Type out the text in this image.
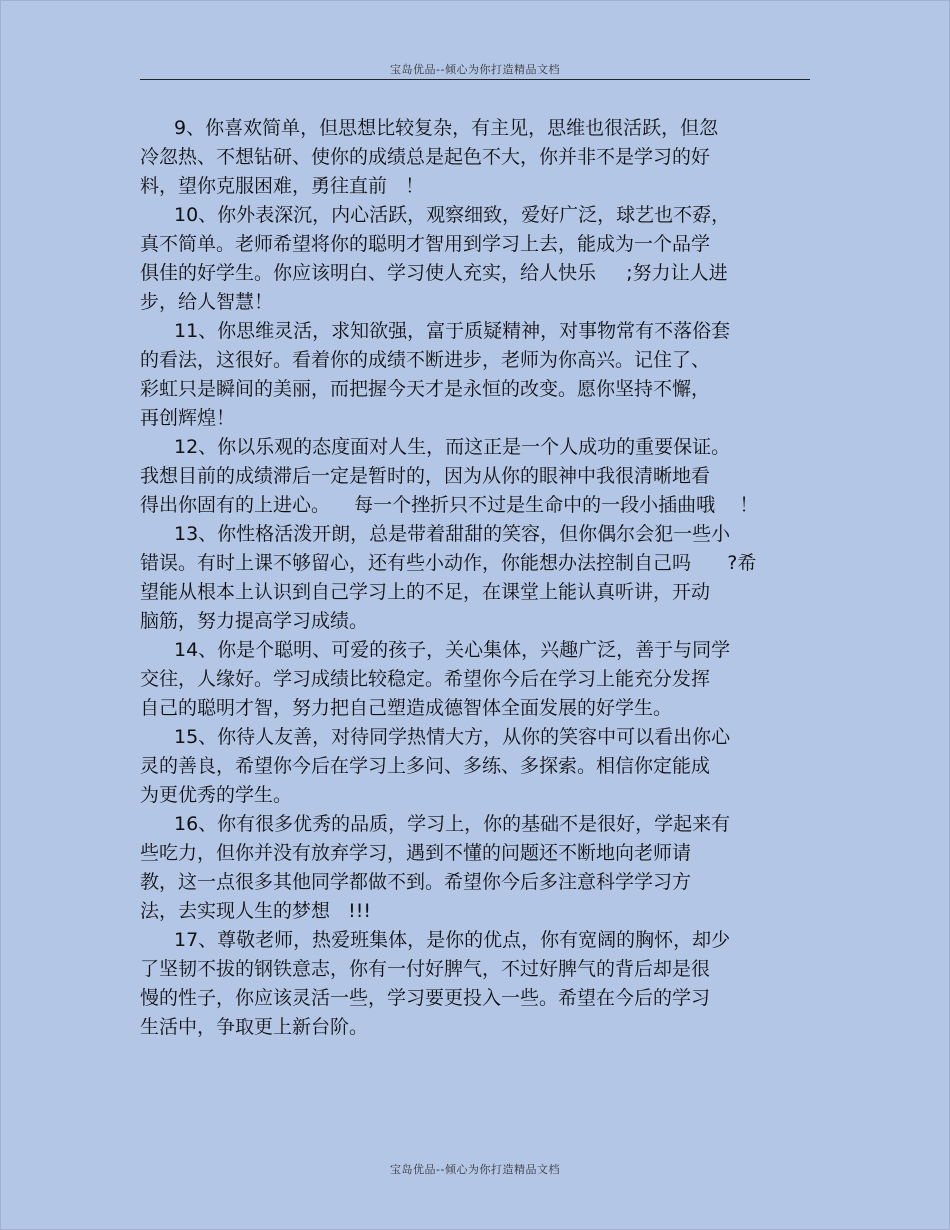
宝岛优品--倾心为你打造精品文档
9、你喜欢简单，但思想比较复杂，有主见，思维也很活跃，但忽
冷忽热、不想钻研、使你的成绩总是起色不大，你并非不是学习的好
料，望你克服困难，勇往直前   ！
10、你外表深沉，内心活跃，观察细致，爱好广泛，球艺也不孬，
真不简单。老师希望将你的聪明才智用到学习上去，能成为一个品学
俱佳的好学生。你应该明白、学习使人充实，给人快乐     ;努力让人进
步，给人智慧！
11、你思维灵活，求知欲强，富于质疑精神，对事物常有不落俗套
的看法，这很好。看着你的成绩不断进步，老师为你高兴。记住了、
彩虹只是瞬间的美丽，而把握今天才是永恒的改变。愿你坚持不懈，
再创辉煌！
12、你以乐观的态度面对人生，而这正是一个人成功的重要保证。
我想目前的成绩滞后一定是暂时的，因为从你的眼神中我很清晰地看
得出你固有的上进心。    每一个挫折只不过是生命中的一段小插曲哦    ！
13、你性格活泼开朗，总是带着甜甜的笑容，但你偶尔会犯一些小
错误。有时上课不够留心，还有些小动作，你能想办法控制自己吗      ?希
望能从根本上认识到自己学习上的不足，在课堂上能认真听讲，开动
脑筋，努力提高学习成绩。
14、你是个聪明、可爱的孩子，关心集体，兴趣广泛，善于与同学
交往，人缘好。学习成绩比较稳定。希望你今后在学习上能充分发挥
自己的聪明才智，努力把自己塑造成德智体全面发展的好学生。
15、你待人友善，对待同学热情大方，从你的笑容中可以看出你心
灵的善良，希望你今后在学习上多问、多练、多探索。相信你定能成
为更优秀的学生。
16、你有很多优秀的品质，学习上，你的基础不是很好，学起来有
些吃力，但你并没有放弃学习，遇到不懂的问题还不断地向老师请
教，这一点很多其他同学都做不到。希望你今后多注意科学学习方
法，去实现人生的梦想   !!!
17、尊敬老师，热爱班集体，是你的优点，你有宽阔的胸怀，却少
了坚韧不拔的钢铁意志，你有一付好脾气，不过好脾气的背后却是很
慢的性子，你应该灵活一些，学习要更投入一些。希望在今后的学习
生活中，争取更上新台阶。
宝岛优品--倾心为你打造精品文档
